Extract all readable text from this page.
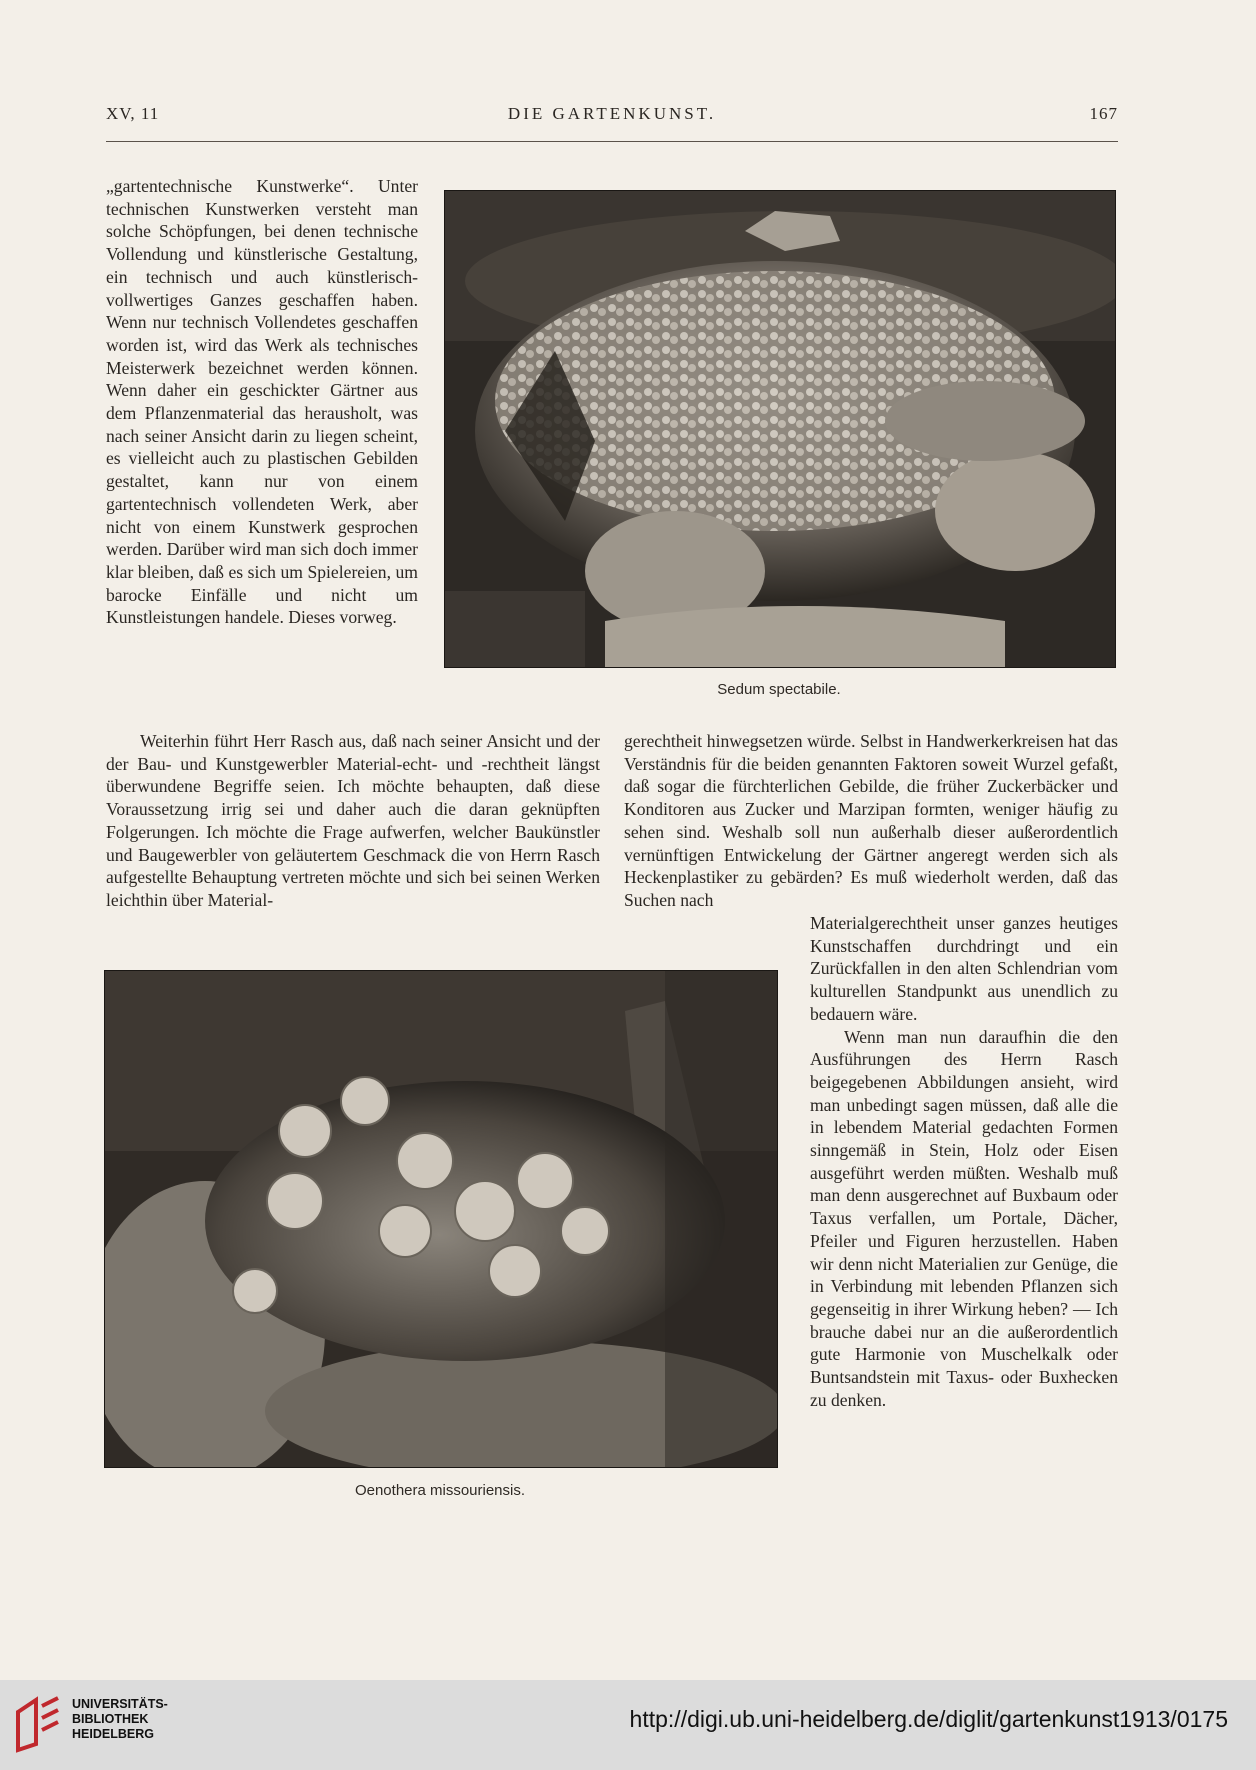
XV, 11	DIE GARTENKUNST.	167

„gartentechnische Kunstwerke“. Unter technischen Kunstwerken versteht man solche Schöpfungen, bei denen technische Vollendung und künstlerische Gestaltung, ein technisch und auch künstlerisch-vollwertiges Ganzes geschaffen haben. Wenn nur technisch Vollendetes geschaffen worden ist, wird das Werk als technisches Meisterwerk bezeichnet werden können. Wenn daher ein geschickter Gärtner aus dem Pflanzenmaterial das herausholt, was nach seiner Ansicht darin zu liegen scheint, es vielleicht auch zu plastischen Gebilden gestaltet, kann nur von einem gartentechnisch vollendeten Werk, aber nicht von einem Kunstwerk gesprochen werden. Darüber wird man sich doch immer klar bleiben, daß es sich um Spielereien, um barocke Einfälle und nicht um Kunstleistungen handele. Dieses vorweg.

Sedum spectabile.

Weiterhin führt Herr Rasch aus, daß nach seiner Ansicht und der der Bau- und Kunstgewerbler Material-echt- und -rechtheit längst überwundene Begriffe seien. Ich möchte behaupten, daß diese Voraussetzung irrig sei und daher auch die daran geknüpften Folgerungen. Ich möchte die Frage aufwerfen, welcher Baukünstler und Baugewerbler von geläutertem Geschmack die von Herrn Rasch aufgestellte Behauptung vertreten möchte und sich bei seinen Werken leichthin über Material-

gerechtheit hinwegsetzen würde. Selbst in Handwerkerkreisen hat das Verständnis für die beiden genannten Faktoren soweit Wurzel gefaßt, daß sogar die fürchterlichen Gebilde, die früher Zuckerbäcker und Konditoren aus Zucker und Marzipan formten, weniger häufig zu sehen sind. Weshalb soll nun außerhalb dieser außerordentlich vernünftigen Entwickelung der Gärtner angeregt werden sich als Heckenplastiker zu gebärden? Es muß wiederholt werden, daß das Suchen nach

Oenothera missouriensis.

Materialgerechtheit unser ganzes heutiges Kunstschaffen durchdringt und ein Zurückfallen in den alten Schlendrian vom kulturellen Standpunkt aus unendlich zu bedauern wäre.

Wenn man nun daraufhin die den Ausführungen des Herrn Rasch beigegebenen Abbildungen ansieht, wird man unbedingt sagen müssen, daß alle die in lebendem Material gedachten Formen sinngemäß in Stein, Holz oder Eisen ausgeführt werden müßten. Weshalb muß man denn ausgerechnet auf Buxbaum oder Taxus verfallen, um Portale, Dächer, Pfeiler und Figuren herzustellen. Haben wir denn nicht Materialien zur Genüge, die in Verbindung mit lebenden Pflanzen sich gegenseitig in ihrer Wirkung heben? — Ich brauche dabei nur an die außerordentlich gute Harmonie von Muschelkalk oder Buntsandstein mit Taxus- oder Buxhecken zu denken.

UNIVERSITÄTS-
BIBLIOTHEK
HEIDELBERG
http://digi.ub.uni-heidelberg.de/diglit/gartenkunst1913/0175
